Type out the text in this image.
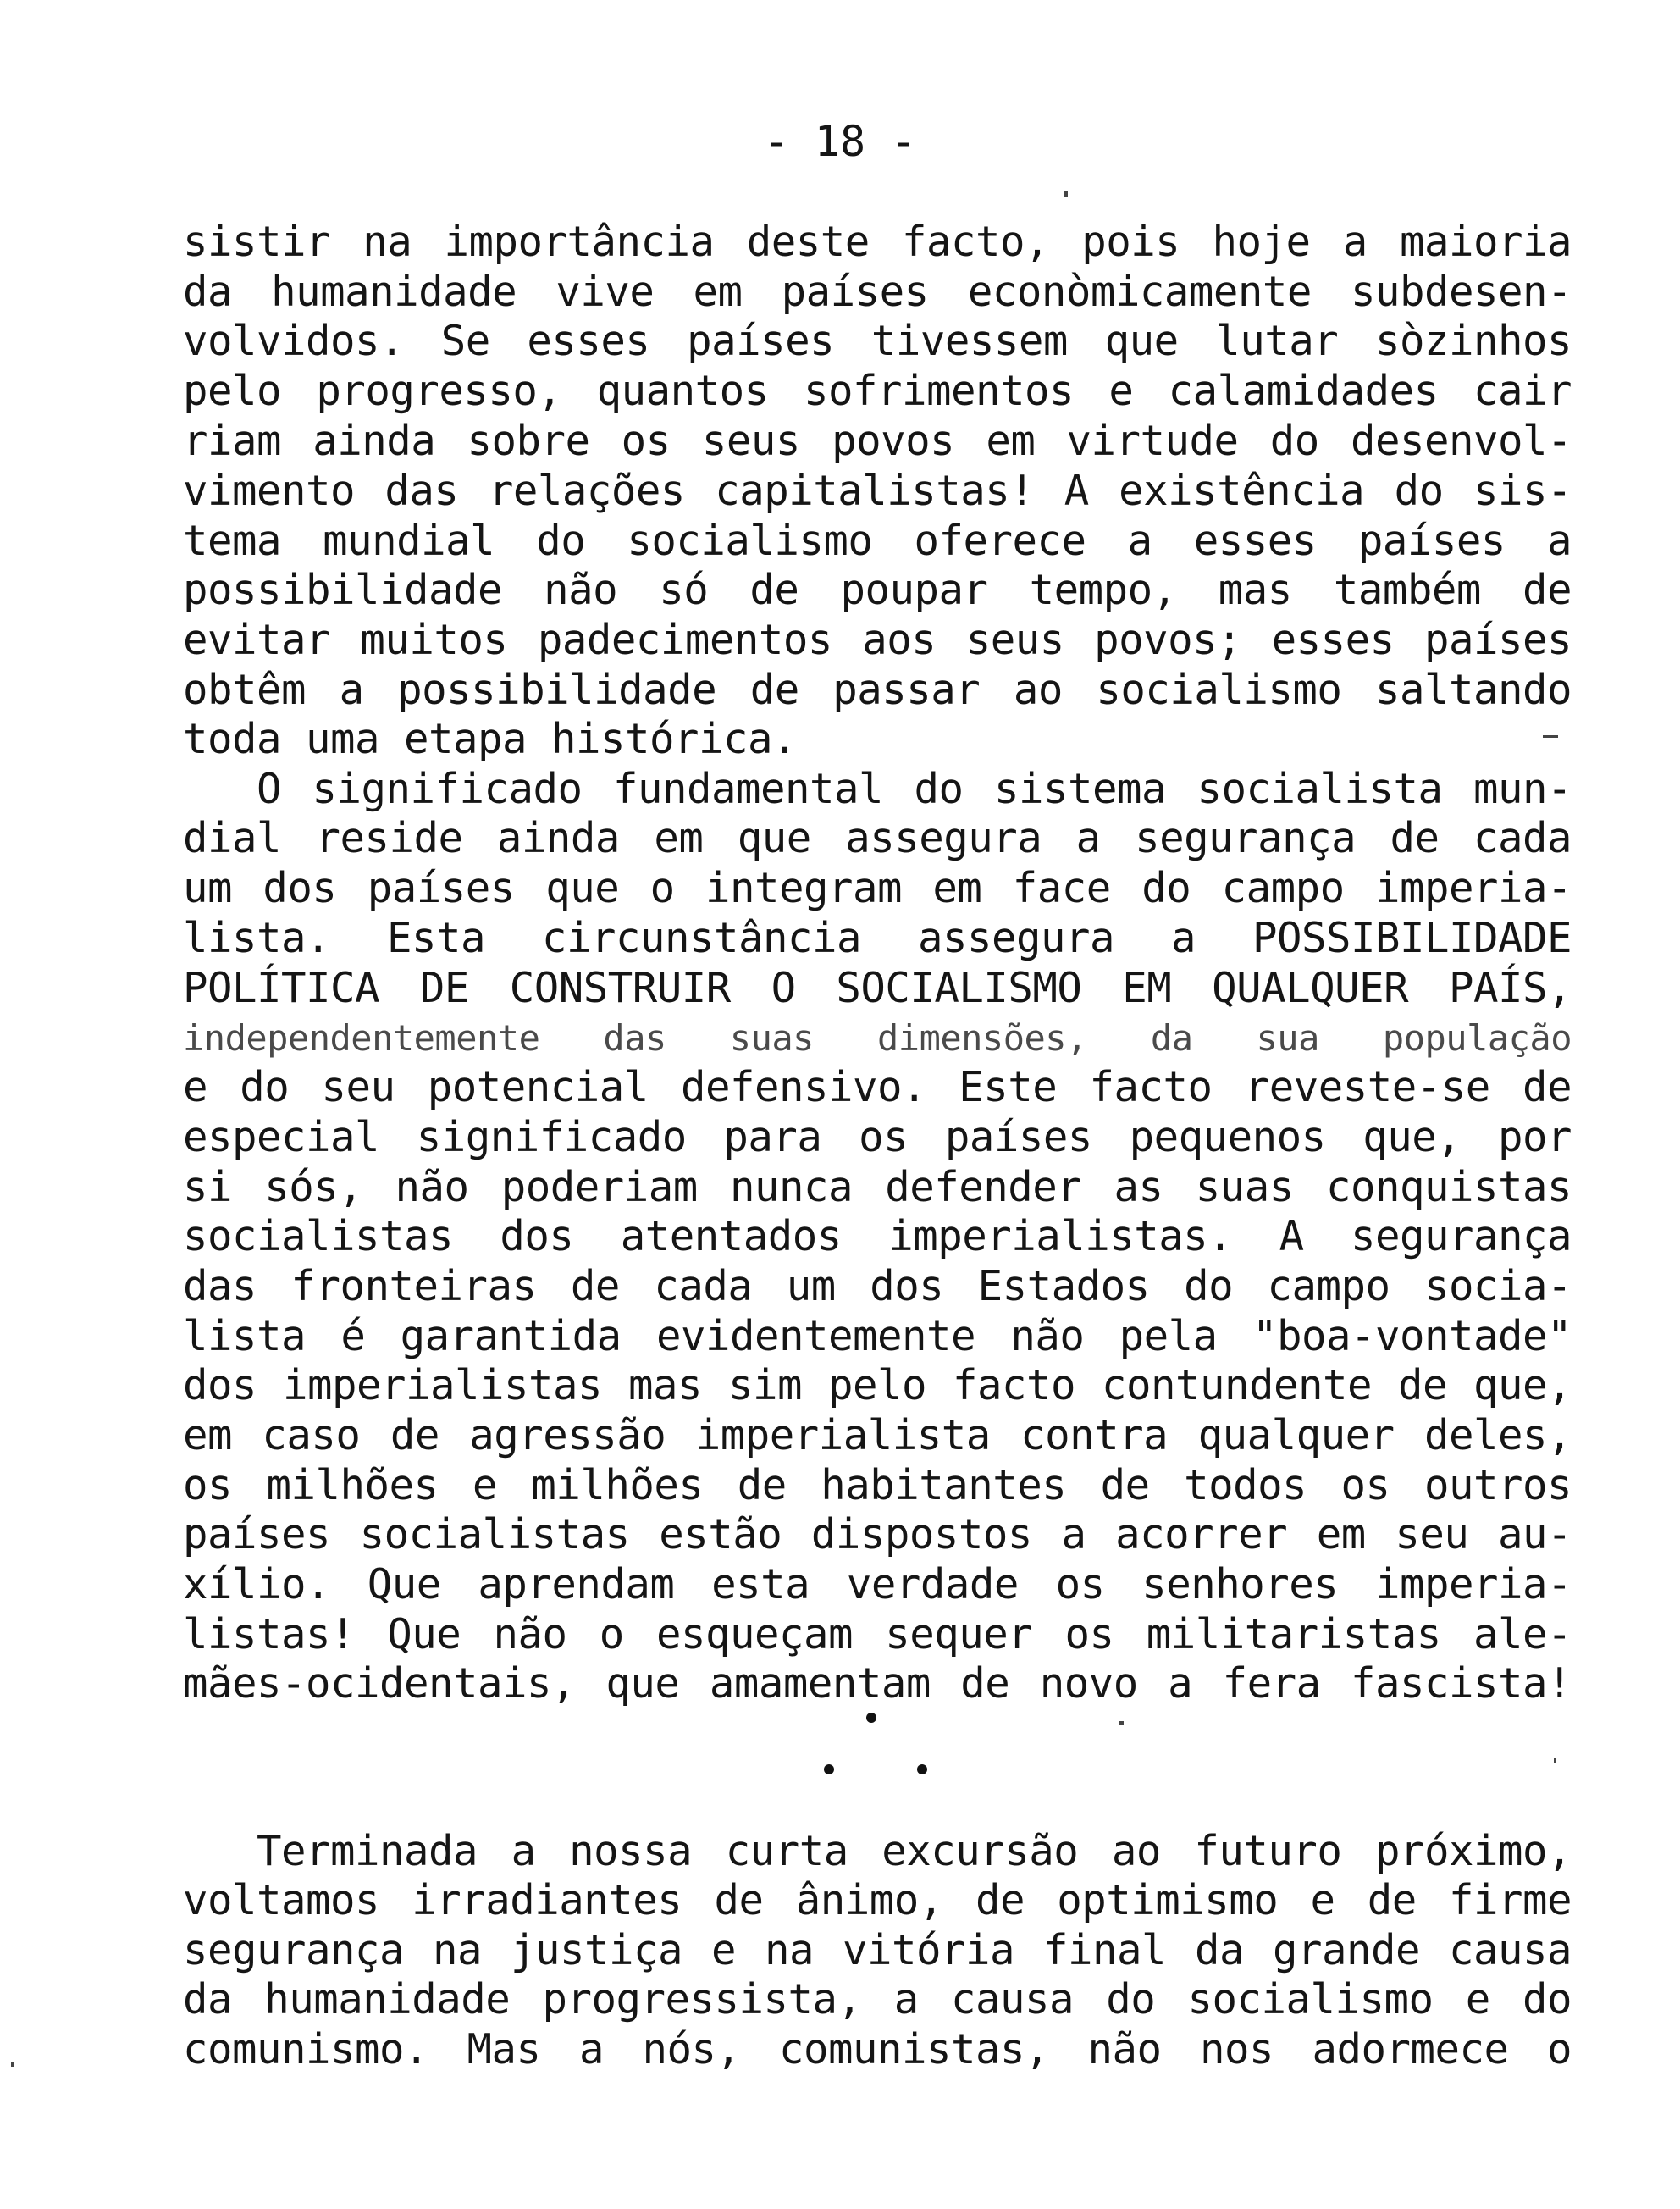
- 18 -
sistir na importância deste facto, pois hoje a maioria
da humanidade vive em países econòmicamente subdesen-
volvidos. Se esses países tivessem que lutar sòzinhos
pelo progresso, quantos sofrimentos e calamidades cair
riam ainda sobre os seus povos em virtude do desenvol-
vimento das relações capitalistas! A existência do sis-
tema mundial do socialismo oferece a esses países a
possibilidade não só de poupar tempo, mas também de
evitar muitos padecimentos aos seus povos; esses países
obtêm a possibilidade de passar ao socialismo saltando
toda uma etapa histórica.
O significado fundamental do sistema socialista mun-
dial reside ainda em que assegura a segurança de cada
um dos países que o integram em face do campo imperia-
lista. Esta circunstância assegura a POSSIBILIDADE
POLÍTICA DE CONSTRUIR O SOCIALISMO EM QUALQUER PAÍS,
independentemente das suas dimensões, da sua população
e do seu potencial defensivo. Este facto reveste-se de
especial significado para os países pequenos que, por
si sós, não poderiam nunca defender as suas conquistas
socialistas dos atentados imperialistas. A segurança
das fronteiras de cada um dos Estados do campo socia-
lista é garantida evidentemente não pela "boa-vontade"
dos imperialistas mas sim pelo facto contundente de que,
em caso de agressão imperialista contra qualquer deles,
os milhões e milhões de habitantes de todos os outros
países socialistas estão dispostos a acorrer em seu au-
xílio. Que aprendam esta verdade os senhores imperia-
listas! Que não o esqueçam sequer os militaristas ale-
mães-ocidentais, que amamentam de novo a fera fascista!
Terminada a nossa curta excursão ao futuro próximo,
voltamos irradiantes de ânimo, de optimismo e de firme
segurança na justiça e na vitória final da grande causa
da humanidade progressista, a causa do socialismo e do
comunismo. Mas a nós, comunistas, não nos adormece o
